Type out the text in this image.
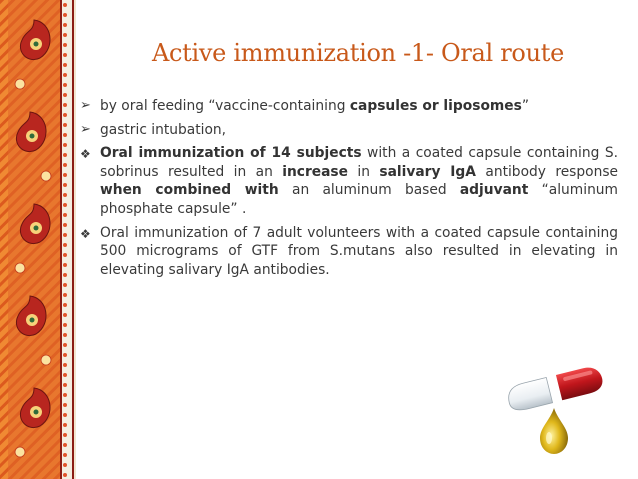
Active immunization -1- Oral route
➢ by oral feeding “vaccine-containing capsules or liposomes”

➢ gastric intubation,

❖ Oral immunization of 14 subjects with a coated capsule containing S. sobrinus resulted in an increase in salivary IgA antibody response when combined with an aluminum based adjuvant “aluminum phosphate capsule” .

❖ Oral immunization of 7 adult volunteers with a coated capsule containing 500 micrograms of GTF from S.mutans also resulted in elevating in elevating salivary IgA antibodies.
